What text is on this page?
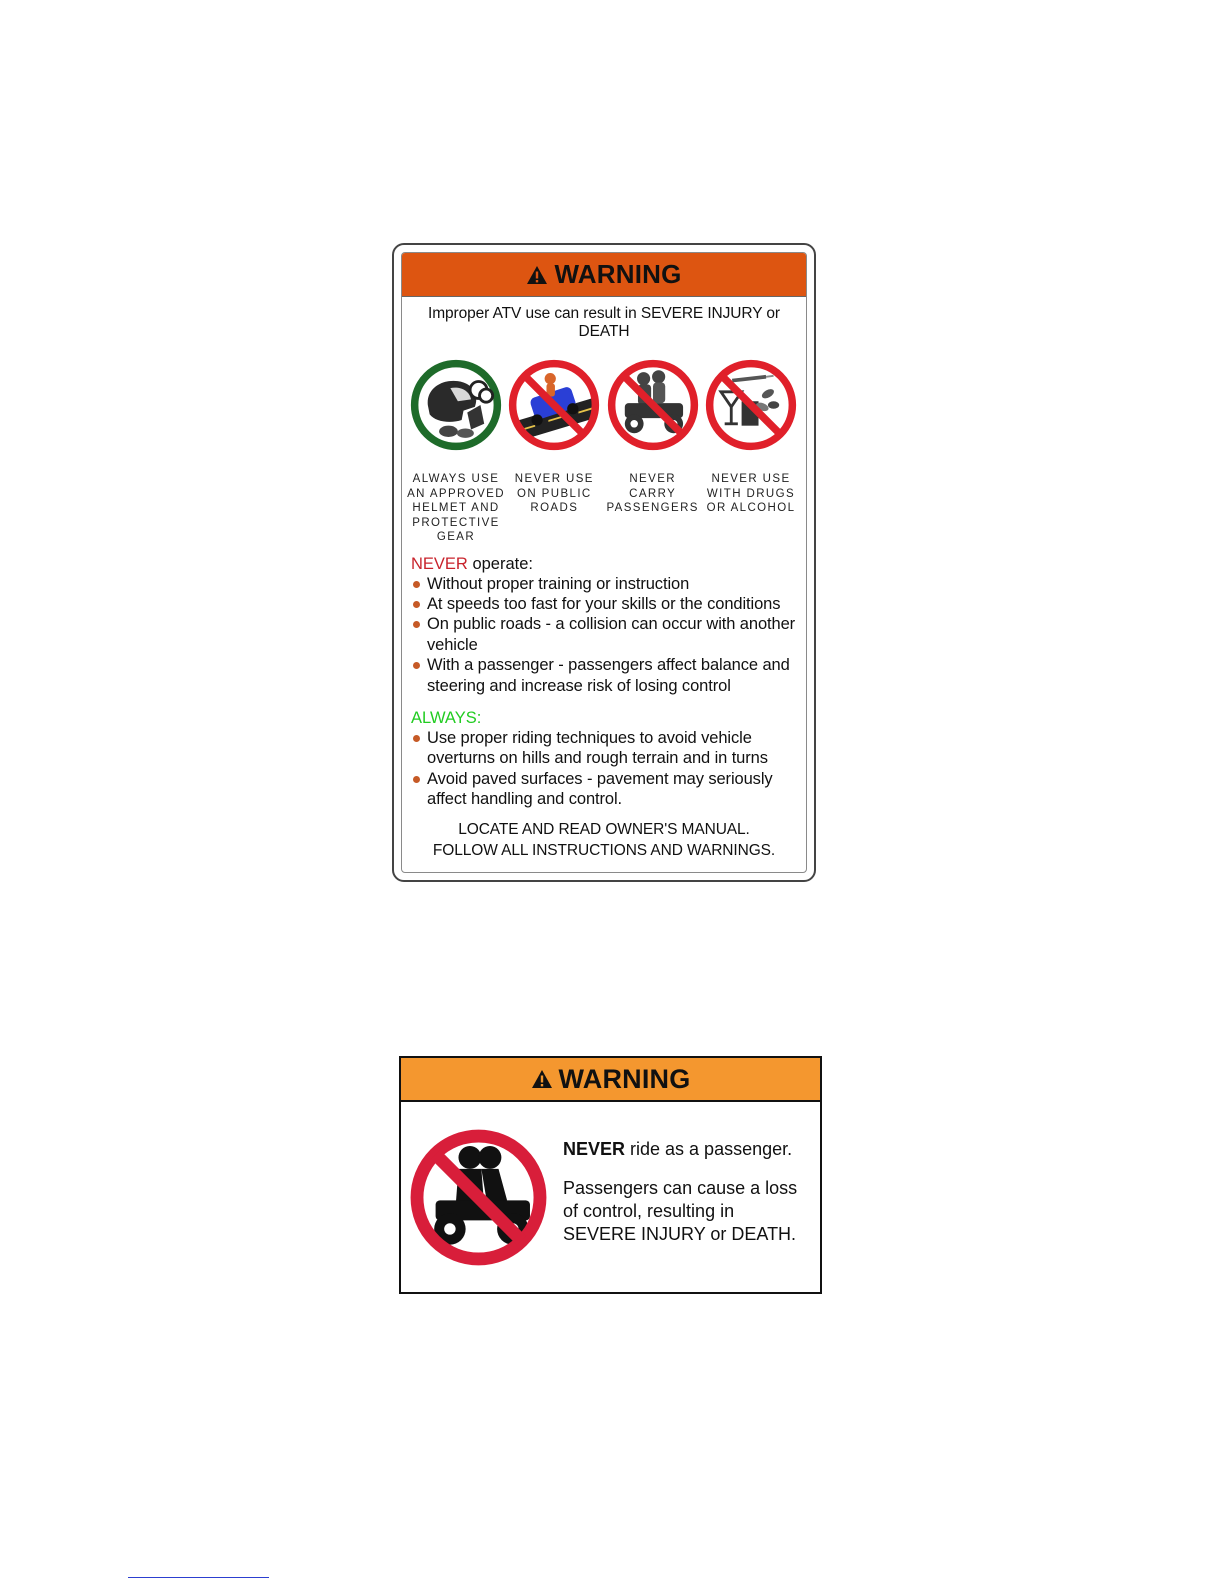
WARNING
Improper ATV use can result in SEVERE INJURY or DEATH
ALWAYS USE
AN APPROVED
HELMET AND
PROTECTIVE
GEAR
NEVER USE
ON PUBLIC
ROADS
NEVER CARRY
PASSENGERS
NEVER USE
WITH DRUGS
OR ALCOHOL
NEVER operate:
Without proper training or instruction
At speeds too fast for your skills or the conditions
On public roads - a collision can occur with another vehicle
With a passenger - passengers affect balance and steering and increase risk of losing control
ALWAYS:
Use proper riding techniques to avoid vehicle overturns on hills and rough terrain and in turns
Avoid paved surfaces - pavement may seriously affect handling and control.
LOCATE AND READ OWNER'S MANUAL.
FOLLOW ALL INSTRUCTIONS AND WARNINGS.
WARNING

NEVER ride as a passenger.

Passengers can cause a loss

of control, resulting in

SEVERE INJURY or DEATH.
